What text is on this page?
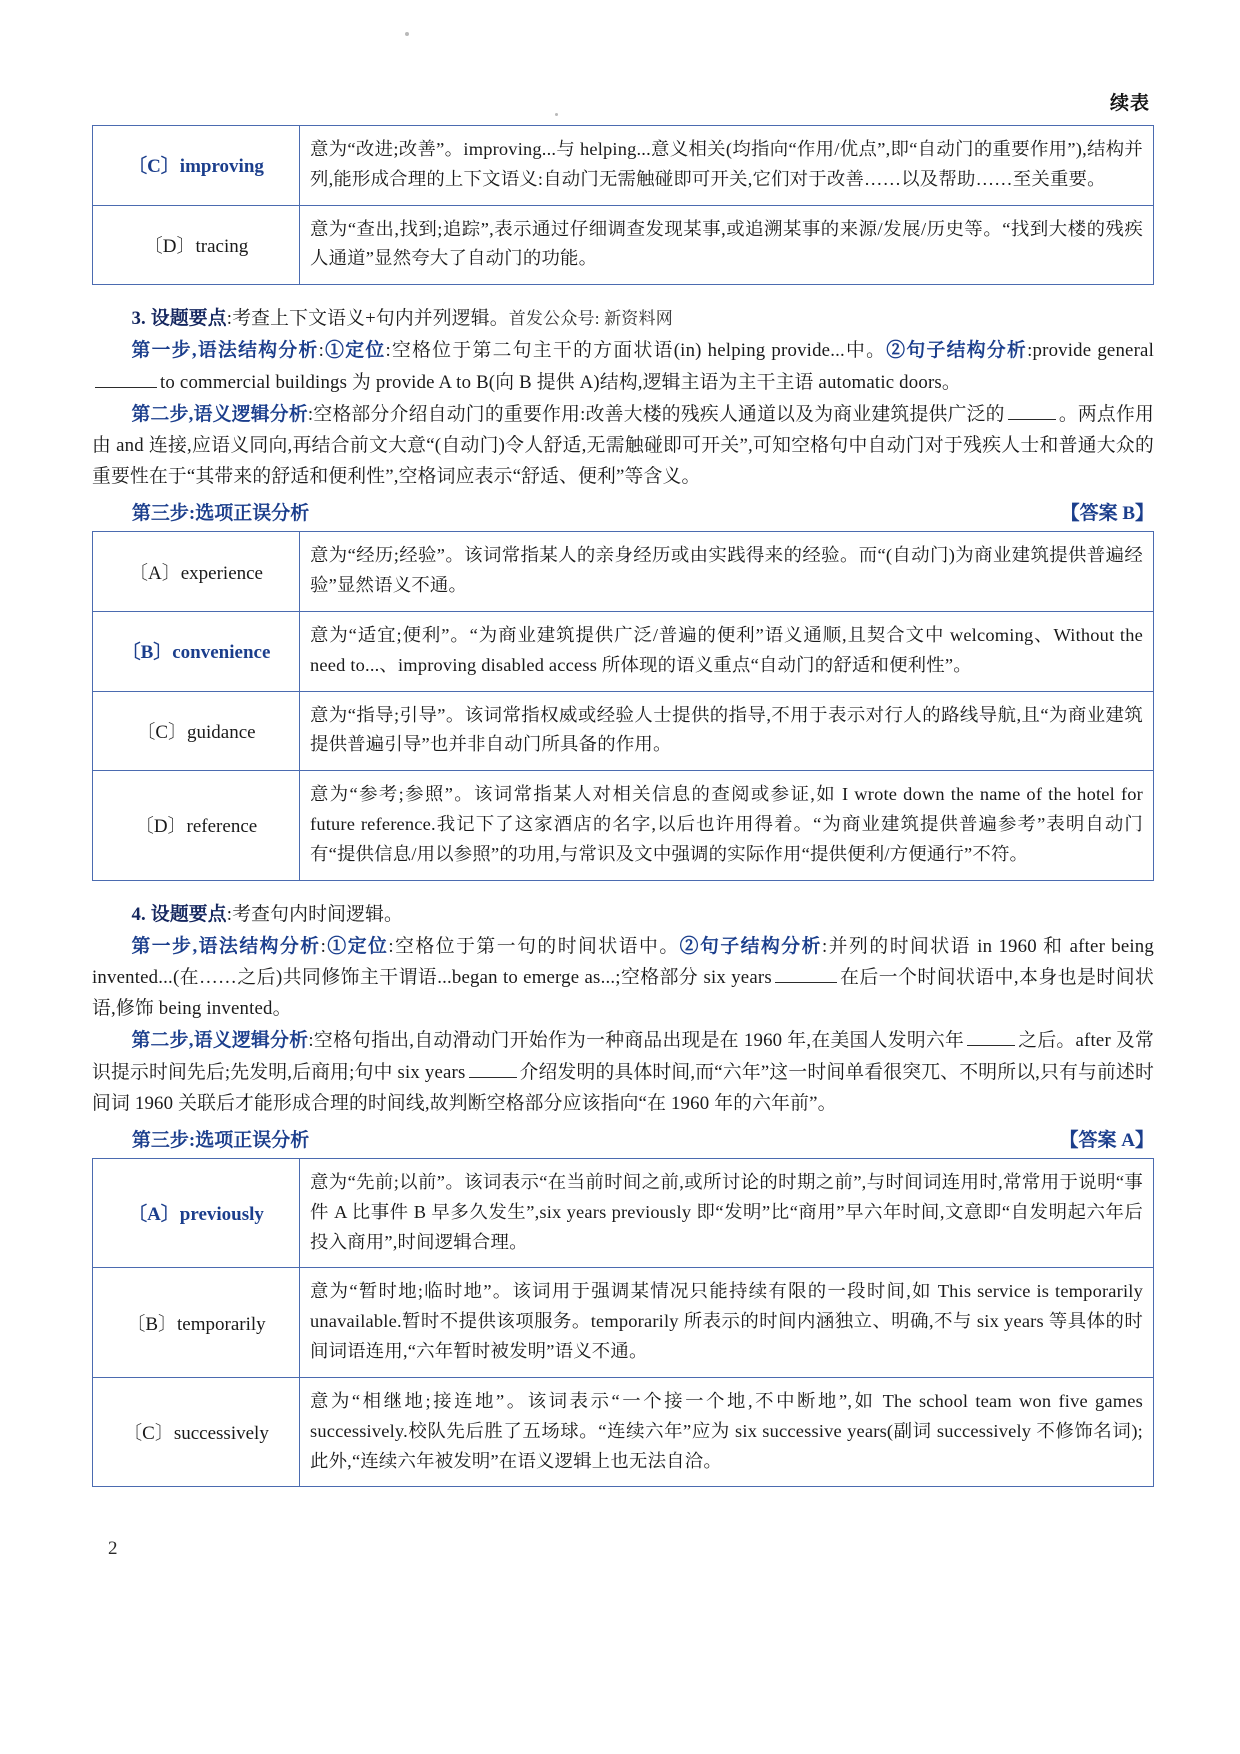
续表
〔C〕improving	意为“改进;改善”。improving...与 helping...意义相关(均指向“作用/优点”,即“自动门的重要作用”),结构并列,能形成合理的上下文语义:自动门无需触碰即可开关,它们对于改善……以及帮助……至关重要。
〔D〕tracing	意为“查出,找到;追踪”,表示通过仔细调查发现某事,或追溯某事的来源/发展/历史等。“找到大楼的残疾人通道”显然夸大了自动门的功能。

3. 设题要点:考查上下文语义+句内并列逻辑。首发公众号: 新资料网

第一步,语法结构分析:①定位:空格位于第二句主干的方面状语(in) helping provide...中。②句子结构分析:provide generalto commercial buildings 为 provide A to B(向 B 提供 A)结构,逻辑主语为主干主语 automatic doors。

第二步,语义逻辑分析:空格部分介绍自动门的重要作用:改善大楼的残疾人通道以及为商业建筑提供广泛的	。两点作用由 and 连接,应语义同向,再结合前文大意“(自动门)令人舒适,无需触碰即可开关”,可知空格句中自动门对于残疾人士和普通大众的重要性在于“其带来的舒适和便利性”,空格词应表示“舒适、便利”等含义。

第三步:选项正误分析	【答案 B】
〔A〕experience	意为“经历;经验”。该词常指某人的亲身经历或由实践得来的经验。而“(自动门)为商业建筑提供普遍经验”显然语义不通。
〔B〕convenience	意为“适宜;便利”。“为商业建筑提供广泛/普遍的便利”语义通顺,且契合文中 welcoming、Without the need to...、improving disabled access 所体现的语义重点“自动门的舒适和便利性”。
〔C〕guidance	意为“指导;引导”。该词常指权威或经验人士提供的指导,不用于表示对行人的路线导航,且“为商业建筑提供普遍引导”也并非自动门所具备的作用。
〔D〕reference	意为“参考;参照”。该词常指某人对相关信息的查阅或参证,如 I wrote down the name of the hotel for future reference.我记下了这家酒店的名字,以后也许用得着。“为商业建筑提供普遍参考”表明自动门有“提供信息/用以参照”的功用,与常识及文中强调的实际作用“提供便利/方便通行”不符。

4. 设题要点:考查句内时间逻辑。

第一步,语法结构分析:①定位:空格位于第一句的时间状语中。②句子结构分析:并列的时间状语 in 1960 和 after being invented...(在……之后)共同修饰主干谓语...began to emerge as...;空格部分 six years	在后一个时间状语中,本身也是时间状语,修饰 being invented。

第二步,语义逻辑分析:空格句指出,自动滑动门开始作为一种商品出现是在 1960 年,在美国人发明六年	之后。after 及常识提示时间先后;先发明,后商用;句中 six years	介绍发明的具体时间,而“六年”这一时间单看很突兀、不明所以,只有与前述时间词 1960 关联后才能形成合理的时间线,故判断空格部分应该指向“在 1960 年的六年前”。

第三步:选项正误分析	【答案 A】
〔A〕previously	意为“先前;以前”。该词表示“在当前时间之前,或所讨论的时期之前”,与时间词连用时,常常用于说明“事件 A 比事件 B 早多久发生”,six years previously 即“发明”比“商用”早六年时间,文意即“自发明起六年后投入商用”,时间逻辑合理。
〔B〕temporarily	意为“暂时地;临时地”。该词用于强调某情况只能持续有限的一段时间,如 This service is temporarily unavailable.暂时不提供该项服务。temporarily 所表示的时间内涵独立、明确,不与 six years 等具体的时间词语连用,“六年暂时被发明”语义不通。
〔C〕successively	意为“相继地;接连地”。该词表示“一个接一个地,不中断地”,如 The school team won five games successively.校队先后胜了五场球。“连续六年”应为 six successive years(副词 successively 不修饰名词);此外,“连续六年被发明”在语义逻辑上也无法自洽。
2
